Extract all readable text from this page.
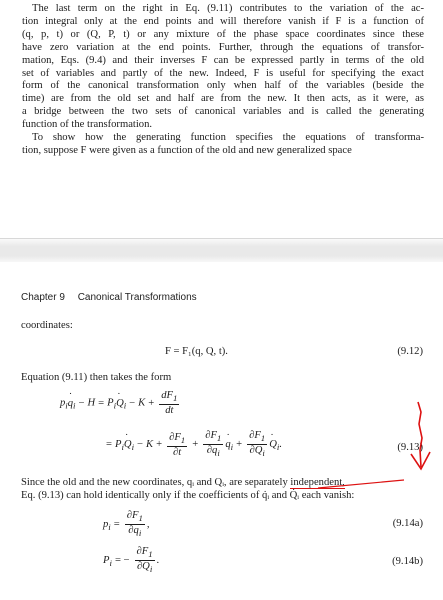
The last term on the right in Eq. (9.11) contributes to the variation of the ac-
tion integral only at the end points and will therefore vanish if F is a function of
(q, p, t) or (Q, P, t) or any mixture of the phase space coordinates since these
have zero variation at the end points. Further, through the equations of transfor-
mation, Eqs. (9.4) and their inverses F can be expressed partly in terms of the old
set of variables and partly of the new. Indeed, F is useful for specifying the exact
form of the canonical transformation only when half of the variables (beside the
time) are from the old set and half are from the new. It then acts, as it were, as
a bridge between the two sets of canonical variables and is called the generating
function of the transformation.
To show how the generating function specifies the equations of transforma-
tion, suppose F were given as a function of the old and new generalized space
Chapter 9 Canonical Transformations
coordinates:
F = F₁(q, Q, t).	(9.12)
Equation (9.11) then takes the form
$p_iq$ $˙_i - H = P_iQ$ $˙_i - K + \frac{dF_1}{dt}$
= $P_iQ$ $˙_i - K + \frac{\partial F_1}{\partial t} + \frac{\partial F_1}{\partial q_i}$ q $˙_i + \frac{\partial F_1}{\partial Q_i}$ Q $˙_i$.	(9.13)
Since the old and the new coordinates, qᵢ and Qᵢ, are separately independent,
Eq. (9.13) can hold identically only if the coefficients of q̇ᵢ and Q̇ᵢ each vanish:
$p_i = \frac{\partial F_1}{\partial q_i}$ ,	(9.14a)
$P_i$ = − $\frac{\partial F_1}{\partial Q_i}$ .	(9.14b)
